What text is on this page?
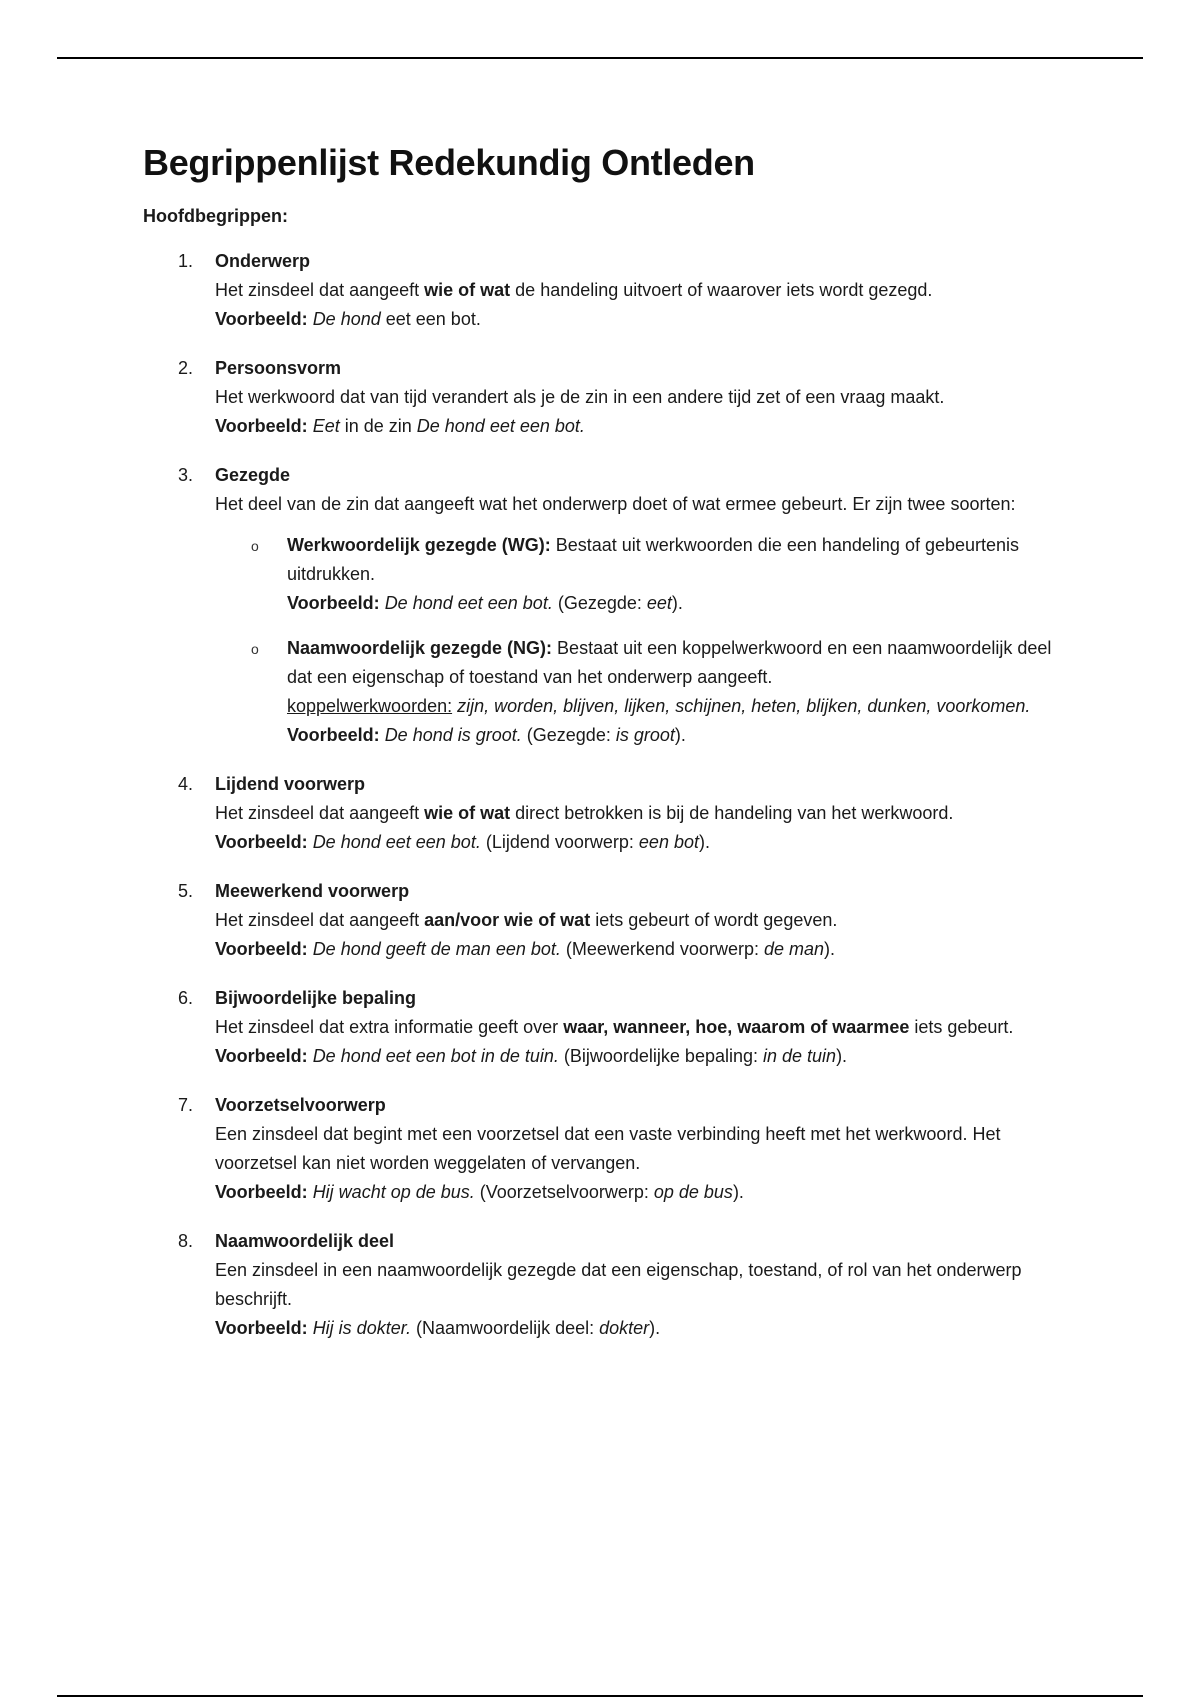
Begrippenlijst Redekundig Ontleden
Hoofdbegrippen:
1. Onderwerp
Het zinsdeel dat aangeeft wie of wat de handeling uitvoert of waarover iets wordt gezegd.
Voorbeeld: De hond eet een bot.
2. Persoonsvorm
Het werkwoord dat van tijd verandert als je de zin in een andere tijd zet of een vraag maakt.
Voorbeeld: Eet in de zin De hond eet een bot.
3. Gezegde
Het deel van de zin dat aangeeft wat het onderwerp doet of wat ermee gebeurt. Er zijn twee soorten:
o Werkwoordelijk gezegde (WG): Bestaat uit werkwoorden die een handeling of gebeurtenis uitdrukken.
Voorbeeld: De hond eet een bot. (Gezegde: eet).
o Naamwoordelijk gezegde (NG): Bestaat uit een koppelwerkwoord en een naamwoordelijk deel dat een eigenschap of toestand van het onderwerp aangeeft.
koppelwerkwoorden: zijn, worden, blijven, lijken, schijnen, heten, blijken, dunken, voorkomen.
Voorbeeld: De hond is groot. (Gezegde: is groot).
4. Lijdend voorwerp
Het zinsdeel dat aangeeft wie of wat direct betrokken is bij de handeling van het werkwoord.
Voorbeeld: De hond eet een bot. (Lijdend voorwerp: een bot).
5. Meewerkend voorwerp
Het zinsdeel dat aangeeft aan/voor wie of wat iets gebeurt of wordt gegeven.
Voorbeeld: De hond geeft de man een bot. (Meewerkend voorwerp: de man).
6. Bijwoordelijke bepaling
Het zinsdeel dat extra informatie geeft over waar, wanneer, hoe, waarom of waarmee iets gebeurt.
Voorbeeld: De hond eet een bot in de tuin. (Bijwoordelijke bepaling: in de tuin).
7. Voorzetselvoorwerp
Een zinsdeel dat begint met een voorzetsel dat een vaste verbinding heeft met het werkwoord. Het voorzetsel kan niet worden weggelaten of vervangen.
Voorbeeld: Hij wacht op de bus. (Voorzetselvoorwerp: op de bus).
8. Naamwoordelijk deel
Een zinsdeel in een naamwoordelijk gezegde dat een eigenschap, toestand, of rol van het onderwerp beschrijft.
Voorbeeld: Hij is dokter. (Naamwoordelijk deel: dokter).
